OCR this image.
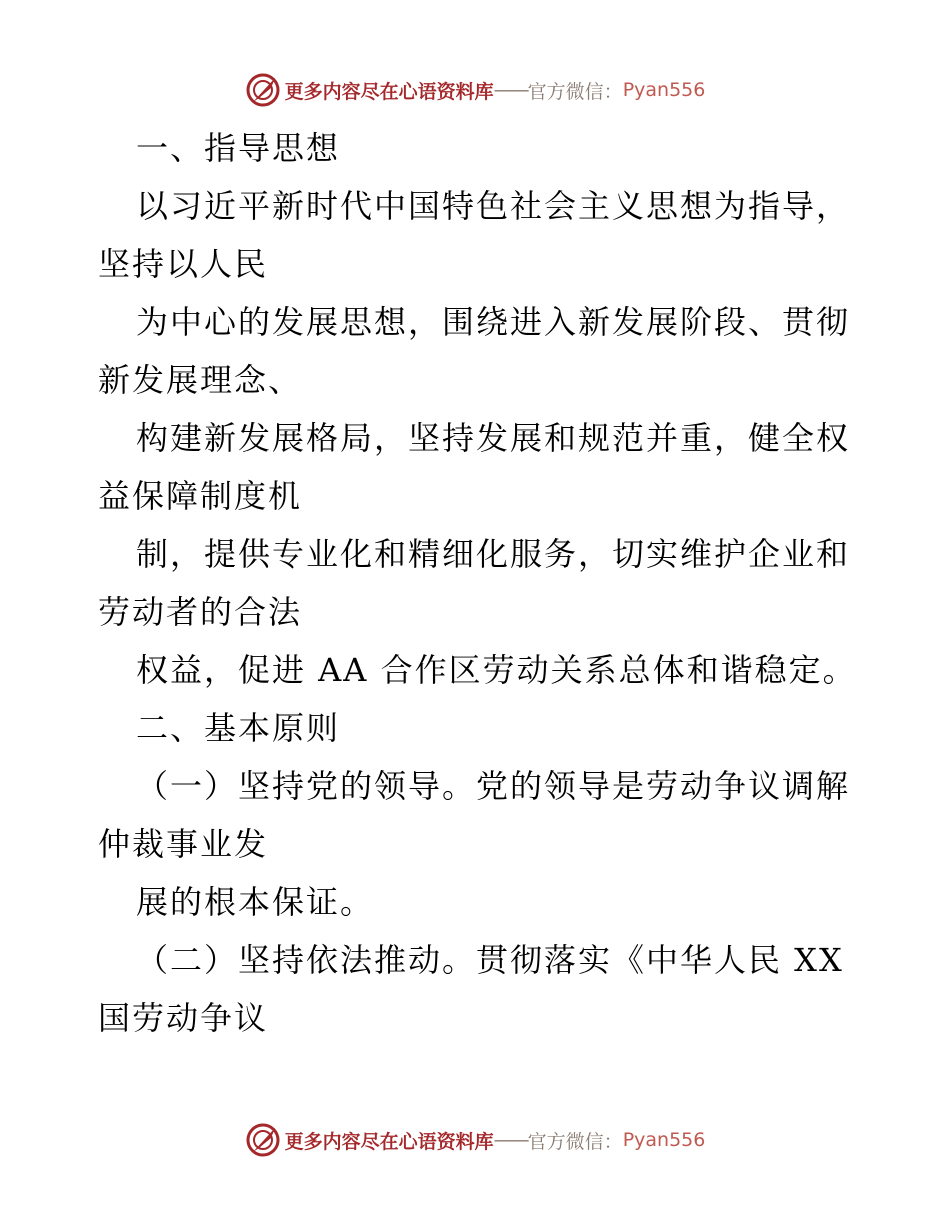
更多内容尽在心语资料库 —— 官方微信： Pyan556
一、指导思想
以习近平新时代中国特色社会主义思想为指导，
坚持以人民
为中心的发展思想，围绕进入新发展阶段、贯彻
新发展理念、
构建新发展格局，坚持发展和规范并重，健全权
益保障制度机
制，提供专业化和精细化服务，切实维护企业和
劳动者的合法
权益，促进 AA 合作区劳动关系总体和谐稳定。
二、基本原则
（一）坚持党的领导。党的领导是劳动争议调解
仲裁事业发
展的根本保证。
（二）坚持依法推动。贯彻落实《中华人民 XX
国劳动争议
更多内容尽在心语资料库 —— 官方微信： Pyan556
